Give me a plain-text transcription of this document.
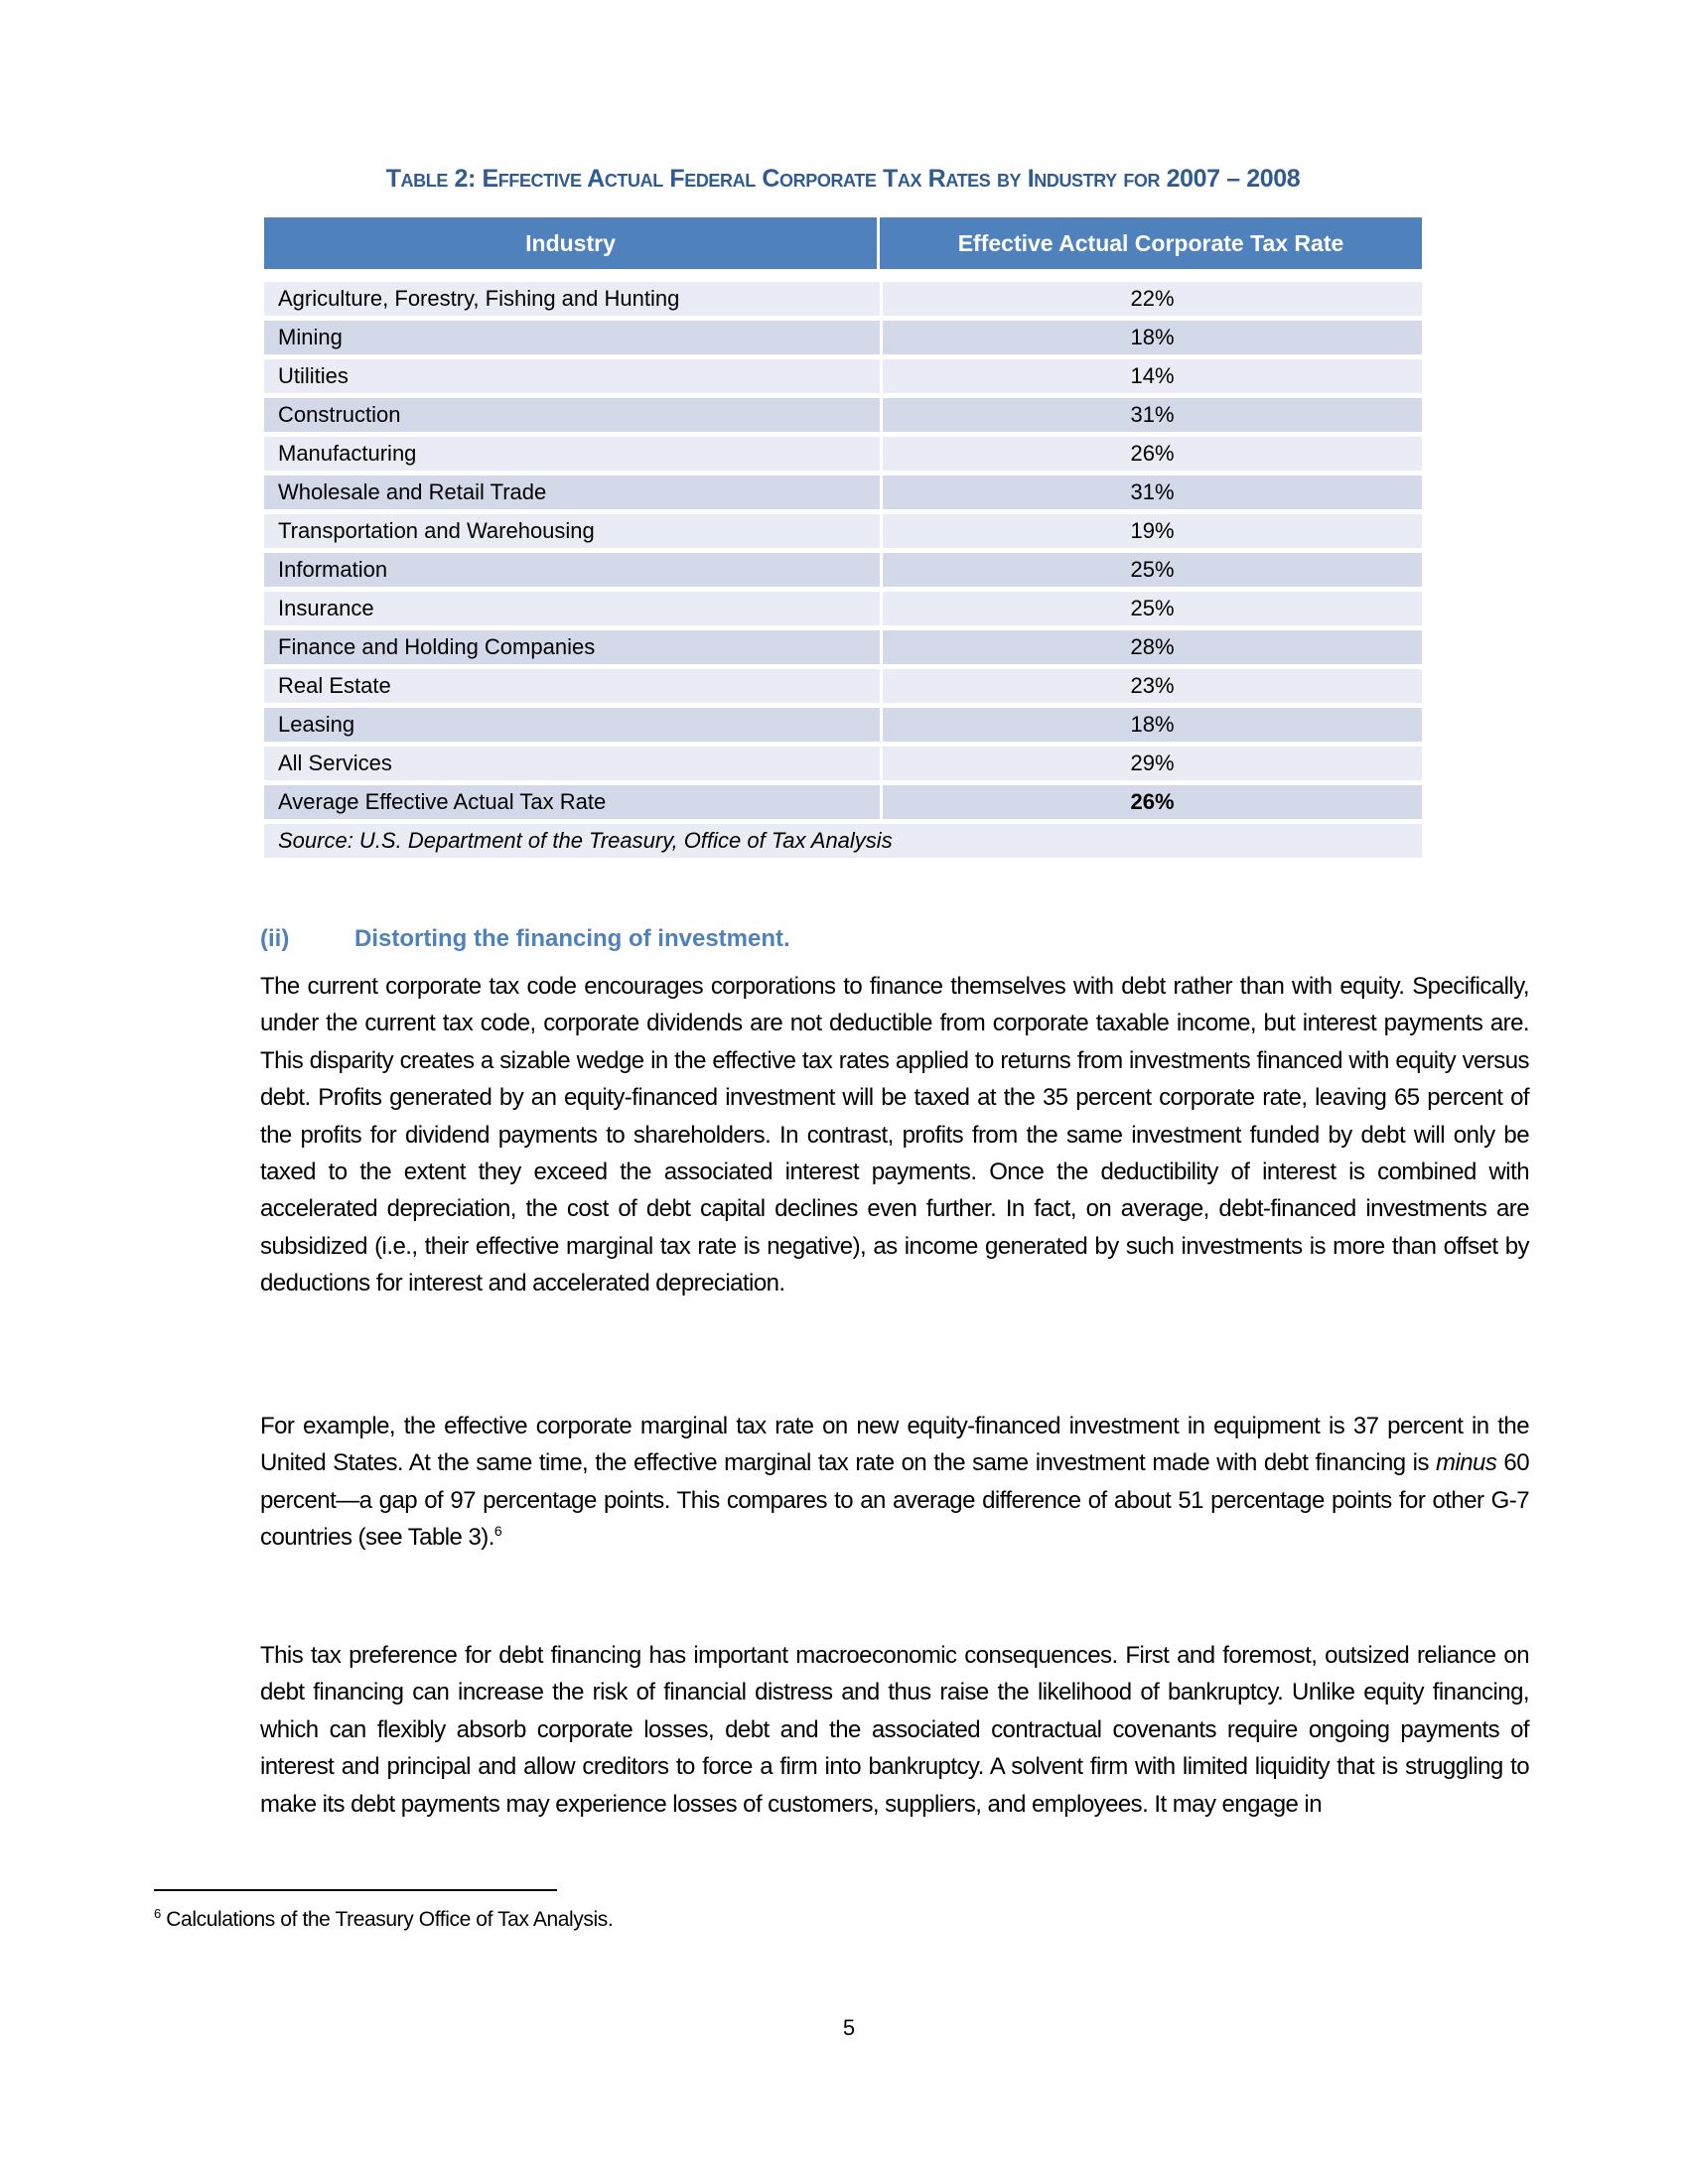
Table 2: Effective Actual Federal Corporate Tax Rates by Industry for 2007 – 2008
Industry	Effective Actual Corporate Tax Rate

Agriculture, Forestry, Fishing and Hunting	22%
Mining	18%
Utilities	14%
Construction	31%
Manufacturing	26%
Wholesale and Retail Trade	31%
Transportation and Warehousing	19%
Information	25%
Insurance	25%
Finance and Holding Companies	28%
Real Estate	23%
Leasing	18%
All Services	29%
Average Effective Actual Tax Rate	26%
Source: U.S. Department of the Treasury, Office of Tax Analysis	
(ii)	Distorting the financing of investment.
The current corporate tax code encourages corporations to finance themselves with debt rather than with equity. Specifically, under the current tax code, corporate dividends are not deductible from corporate taxable income, but interest payments are. This disparity creates a sizable wedge in the effective tax rates applied to returns from investments financed with equity versus debt. Profits generated by an equity-financed investment will be taxed at the 35 percent corporate rate, leaving 65 percent of the profits for dividend payments to shareholders. In contrast, profits from the same investment funded by debt will only be taxed to the extent they exceed the associated interest payments. Once the deductibility of interest is combined with accelerated depreciation, the cost of debt capital declines even further. In fact, on average, debt-financed investments are subsidized (i.e., their effective marginal tax rate is negative), as income generated by such investments is more than offset by deductions for interest and accelerated depreciation.
For example, the effective corporate marginal tax rate on new equity-financed investment in equipment is 37 percent in the United States. At the same time, the effective marginal tax rate on the same investment made with debt financing is minus 60 percent—a gap of 97 percentage points. This compares to an average difference of about 51 percentage points for other G-7 countries (see Table 3).$^6$
This tax preference for debt financing has important macroeconomic consequences. First and foremost, outsized reliance on debt financing can increase the risk of financial distress and thus raise the likelihood of bankruptcy. Unlike equity financing, which can flexibly absorb corporate losses, debt and the associated contractual covenants require ongoing payments of interest and principal and allow creditors to force a firm into bankruptcy. A solvent firm with limited liquidity that is struggling to make its debt payments may experience losses of customers, suppliers, and employees. It may engage in
$^6$ Calculations of the Treasury Office of Tax Analysis.
5
